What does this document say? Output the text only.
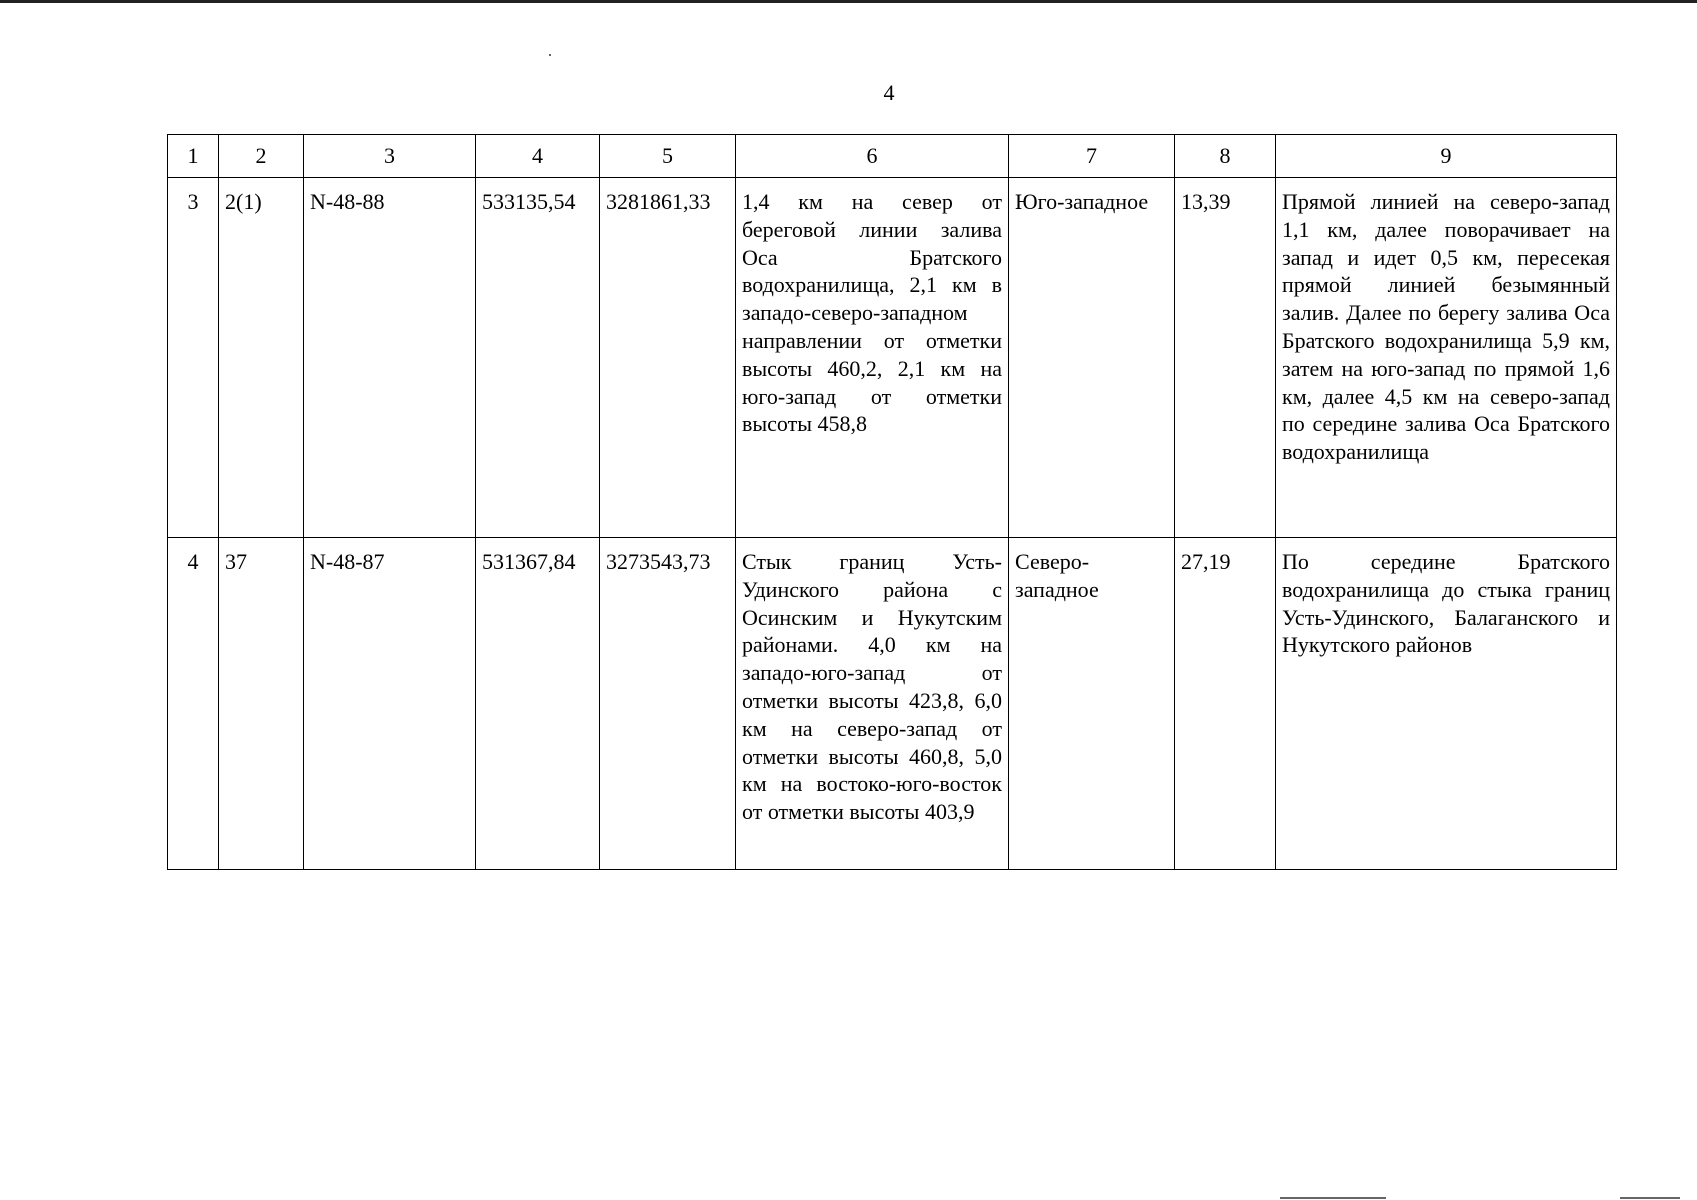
4
1	2	3	4	5	6	7	8	9
3	2(1)	N-48-88	533135,54	3281861,33	1,4 км на север от береговой линии залива Оса Братского водохранилища, 2,1 км в западо-северо-западном направлении от отметки высоты 460,2, 2,1 км на юго-запад от отметки высоты 458,8	Юго-западное	13,39	Прямой линией на северо-запад 1,1 км, далее поворачивает на запад и идет 0,5 км, пересекая прямой линией безымянный залив. Далее по берегу залива Оса Братского водохранилища 5,9 км, затем на юго-запад по прямой 1,6 км, далее 4,5 км на северо-запад по середине залива Оса Братского водохранилища
4	37	N-48-87	531367,84	3273543,73	Стык границ Усть-Удинского района с Осинским и Нукутским районами. 4,0 км на западо-юго-запад от отметки высоты 423,8, 6,0 км на северо-запад от отметки высоты 460,8, 5,0 км на востоко-юго-восток от отметки высоты 403,9	Северо-западное	27,19	По середине Братского водохранилища до стыка границ Усть-Удинского, Балаганского и Нукутского районов
